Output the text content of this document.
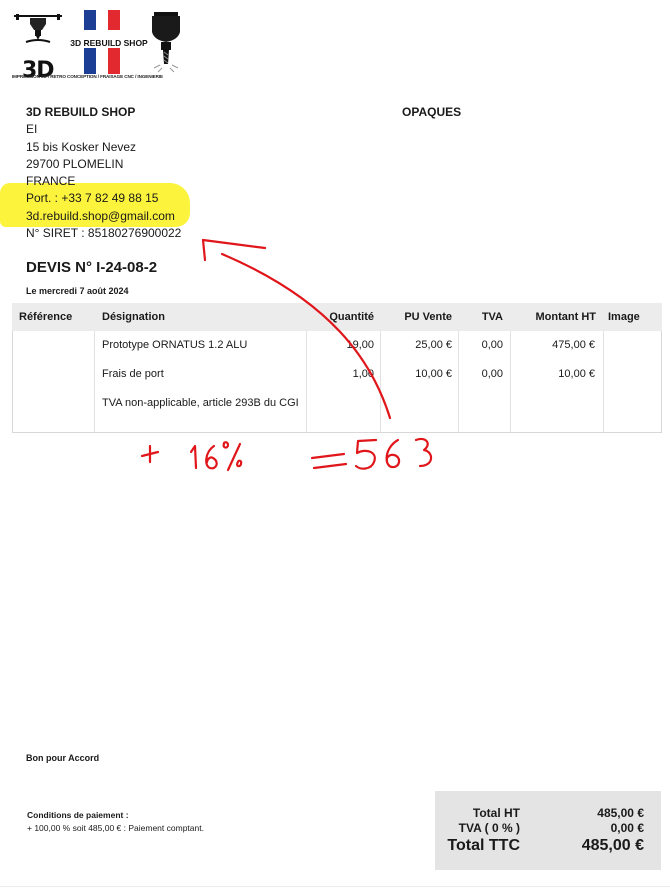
3D
3D REBUILD SHOP
IMPRESSION 3D / RETRO CONCEPTION / FRAISAGE CNC / INGENIERIE
3D REBUILD SHOP
EI
15 bis Kosker Nevez
29700 PLOMELIN
FRANCE
Port. : +33 7 82 49 88 15
3d.rebuild.shop@gmail.com
N° SIRET : 85180276900022
OPAQUES
DEVIS N° I-24-08-2
Le mercredi 7 août 2024
Référence	Désignation	Quantité	PU Vente	TVA	Montant HT Image
Prototype ORNATUS 1.2 ALU	19,00	25,00 €	0,00	475,00 €
Frais de port	1,00	10,00 €	0,00	10,00 €
TVA non-applicable, article 293B du CGI
Bon pour Accord
Conditions de paiement :
+ 100,00 % soit 485,00 € : Paiement comptant.
Total HT	485,00 €
TVA ( 0 % )	0,00 €
Total TTC	485,00 €
